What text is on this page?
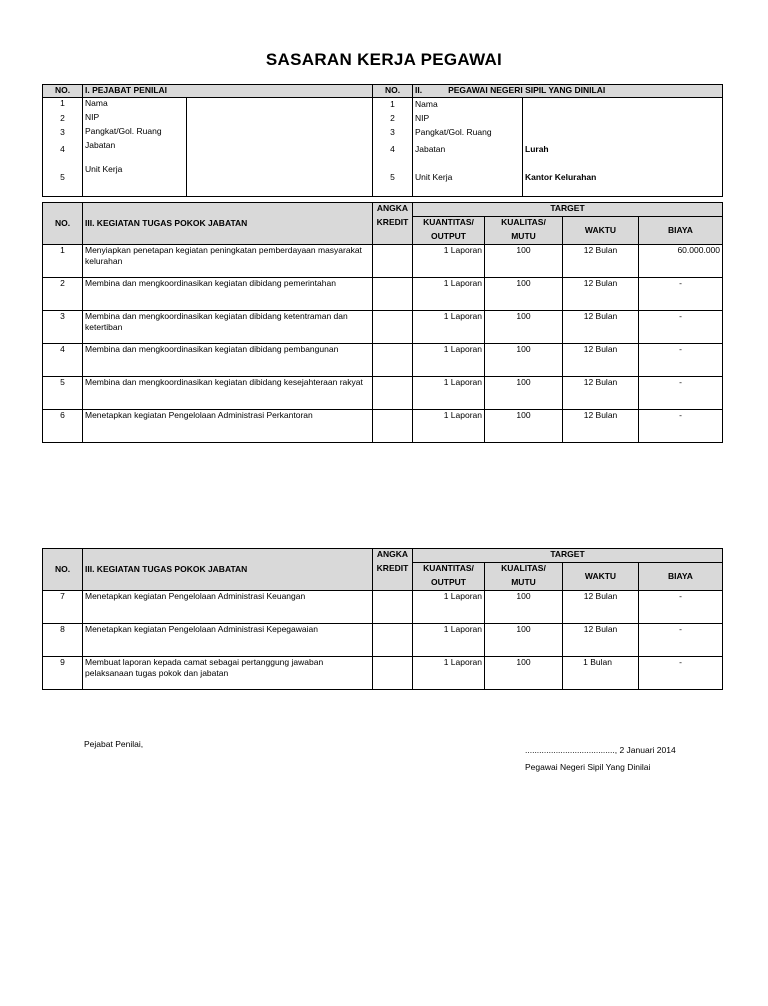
SASARAN KERJA PEGAWAI
NO.	I. PEJABAT PENILAI		NO.	II. PEGAWAI NEGERI SIPIL YANG DINILAI	
1	Nama		1	Nama	
2	NIP		2	NIP	
3	Pangkat/Gol. Ruang		3	Pangkat/Gol. Ruang	
4	Jabatan		4	Jabatan	Lurah
5	Unit Kerja		5	Unit Kerja	Kantor Kelurahan
NO.	III. KEGIATAN TUGAS POKOK JABATAN	ANGKA	TARGET			
		KREDIT	KUANTITAS/	KUALITAS/	WAKTU	BIAYA
			OUTPUT	MUTU		
1	Menyiapkan penetapan kegiatan peningkatan pemberdayaan masyarakat kelurahan		1 Laporan	100	12 Bulan	60.000.000
2	Membina dan mengkoordinasikan kegiatan dibidang pemerintahan		1 Laporan	100	12 Bulan	-
3	Membina dan mengkoordinasikan kegiatan dibidang ketentraman dan ketertiban		1 Laporan	100	12 Bulan	-
4	Membina dan mengkoordinasikan kegiatan dibidang pembangunan		1 Laporan	100	12 Bulan	-
5	Membina dan mengkoordinasikan kegiatan dibidang kesejahteraan rakyat		1 Laporan	100	12 Bulan	-
6	Menetapkan kegiatan Pengelolaan Administrasi Perkantoran		1 Laporan	100	12 Bulan	-
NO.	III. KEGIATAN TUGAS POKOK JABATAN	ANGKA	TARGET			
		KREDIT	KUANTITAS/	KUALITAS/	WAKTU	BIAYA
			OUTPUT	MUTU		
7	Menetapkan kegiatan Pengelolaan Administrasi Keuangan		1 Laporan	100	12 Bulan	-
8	Menetapkan kegiatan Pengelolaan Administrasi Kepegawaian		1 Laporan	100	12 Bulan	-
9	Membuat laporan kepada camat sebagai pertanggung jawaban pelaksanaan tugas pokok dan jabatan		1 Laporan	100	1 Bulan	-
Pejabat Penilai,
......................................, 2 Januari 2014
Pegawai Negeri Sipil Yang Dinilai
